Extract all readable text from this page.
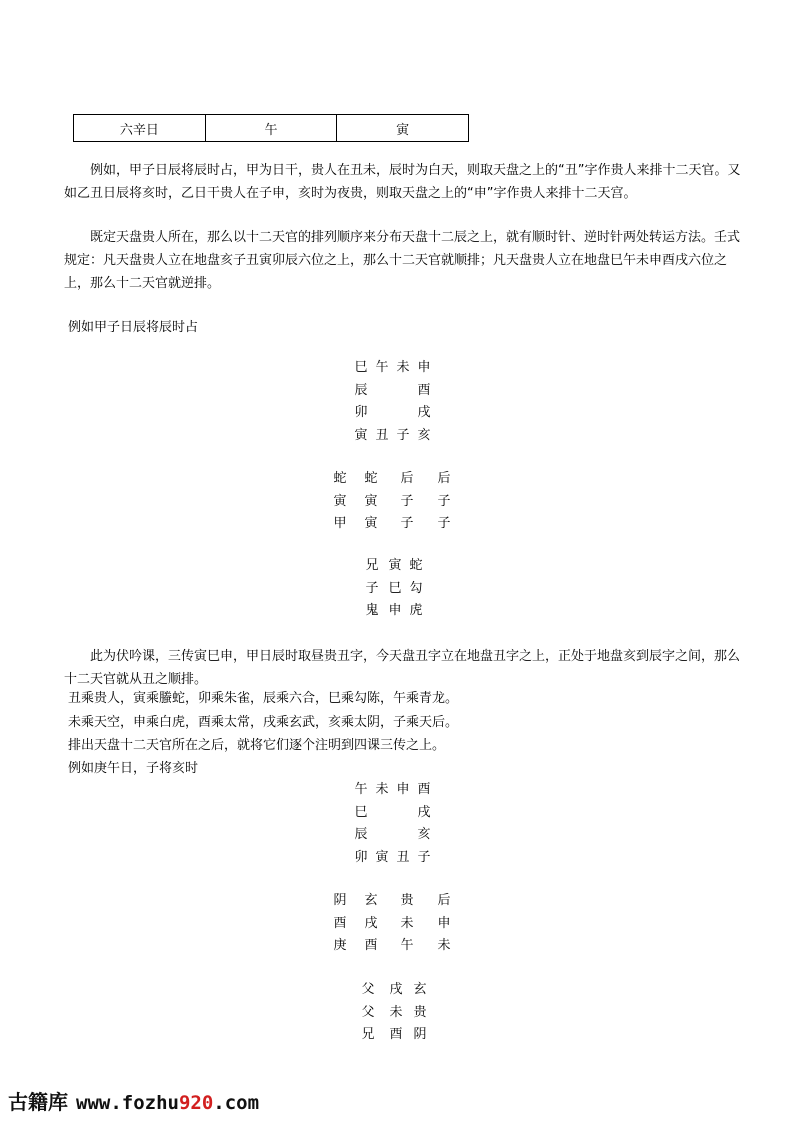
六辛日	午	寅
例如，甲子日辰将辰时占，甲为日干，贵人在丑未，辰时为白天，则取天盘之上的“丑”字作贵人来排十二天官。又如乙丑日辰将亥时，乙日干贵人在子申，亥时为夜贵，则取天盘之上的“申”字作贵人来排十二天宫。
既定天盘贵人所在，那么以十二天官的排列顺序来分布天盘十二辰之上，就有顺时针、逆时针两处转运方法。壬式规定：凡天盘贵人立在地盘亥子丑寅卯辰六位之上，那么十二天官就顺排；凡天盘贵人立在地盘巳午未申酉戌六位之上，那么十二天官就逆排。
例如甲子日辰将辰时占
巳 午 未 申
辰	酉
卯	戌
寅 丑 子 亥
蛇 蛇 后 后
寅 寅 子 子
甲 寅 子 子
兄 寅 蛇
子 巳 勾
鬼 申 虎
此为伏吟课，三传寅巳申，甲日辰时取昼贵丑字，今天盘丑字立在地盘丑字之上，正处于地盘亥到辰字之间，那么十二天官就从丑之顺排。
丑乘贵人，寅乘螣蛇，卯乘朱雀，辰乘六合，巳乘勾陈，午乘青龙。
未乘天空，申乘白虎，酉乘太常，戌乘玄武，亥乘太阴，子乘天后。
排出天盘十二天官所在之后，就将它们逐个注明到四课三传之上。
例如庚午日，子将亥时
午 未 申 酉
巳	戌
辰	亥
卯 寅 丑 子
阴 玄 贵 后
酉 戌 未 申
庚 酉 午 未
父 戌 玄
父 未 贵
兄 酉 阴
古籍库 www.fozhu 920 .com
